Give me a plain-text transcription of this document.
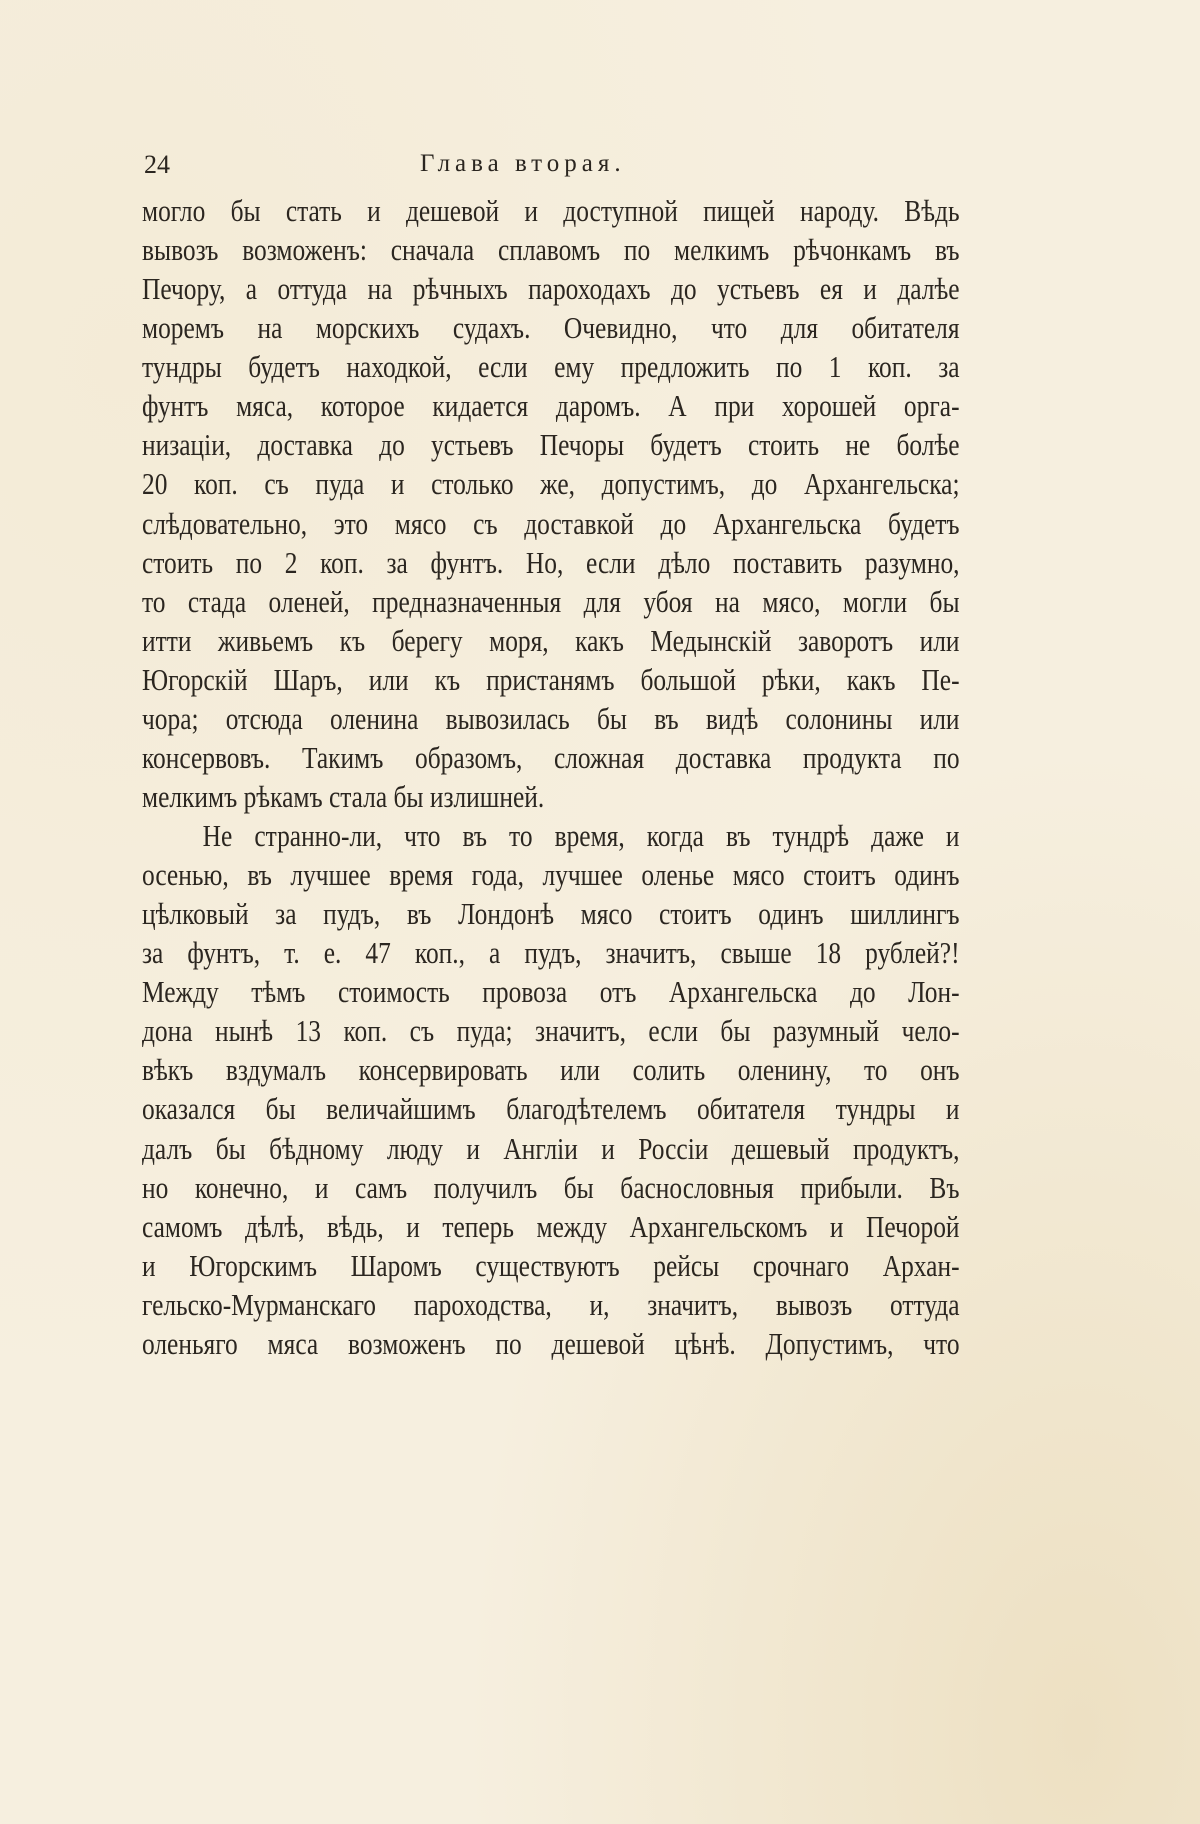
24	Глава вторая.
могло бы стать и дешевой и доступной пищей народу. Вѣдь
вывозъ возможенъ: сначала сплавомъ по мелкимъ рѣчонкамъ въ
Печору, а оттуда на рѣчныхъ пароходахъ до устьевъ ея и далѣе
моремъ на морскихъ судахъ. Очевидно, что для обитателя
тундры будетъ находкой, если ему предложить по 1 коп. за
фунтъ мяса, которое кидается даромъ. А при хорошей орга-
низацiи, доставка до устьевъ Печоры будетъ стоить не болѣе
20 коп. съ пуда и столько же, допустимъ, до Архангельска;
слѣдовательно, это мясо съ доставкой до Архангельска будетъ
стоить по 2 коп. за фунтъ. Но, если дѣло поставить разумно,
то стада оленей, предназначенныя для убоя на мясо, могли бы
итти живьемъ къ берегу моря, какъ Медынскiй заворотъ или
Югорскiй Шаръ, или къ пристанямъ большой рѣки, какъ Пе-
чора; отсюда оленина вывозилась бы въ видѣ солонины или
консервовъ. Такимъ образомъ, сложная доставка продукта по
мелкимъ рѣкамъ стала бы излишней.
Не странно-ли, что въ то время, когда въ тундрѣ даже и
осенью, въ лучшее время года, лучшее оленье мясо стоитъ одинъ
цѣлковый за пудъ, въ Лондонѣ мясо стоитъ одинъ шиллингъ
за фунтъ, т. е. 47 коп., а пудъ, значитъ, свыше 18 рублей?!
Между тѣмъ стоимость провоза отъ Архангельска до Лон-
дона нынѣ 13 коп. съ пуда; значитъ, если бы разумный чело-
вѣкъ вздумалъ консервировать или солить оленину, то онъ
оказался бы величайшимъ благодѣтелемъ обитателя тундры и
далъ бы бѣдному люду и Англiи и Россiи дешевый продуктъ,
но конечно, и самъ получилъ бы баснословныя прибыли. Въ
самомъ дѣлѣ, вѣдь, и теперь между Архангельскомъ и Печорой
и Югорскимъ Шаромъ существуютъ рейсы срочнаго Архан-
гельско-Мурманскаго пароходства, и, значитъ, вывозъ оттуда
оленьяго мяса возможенъ по дешевой цѣнѣ. Допустимъ, что
